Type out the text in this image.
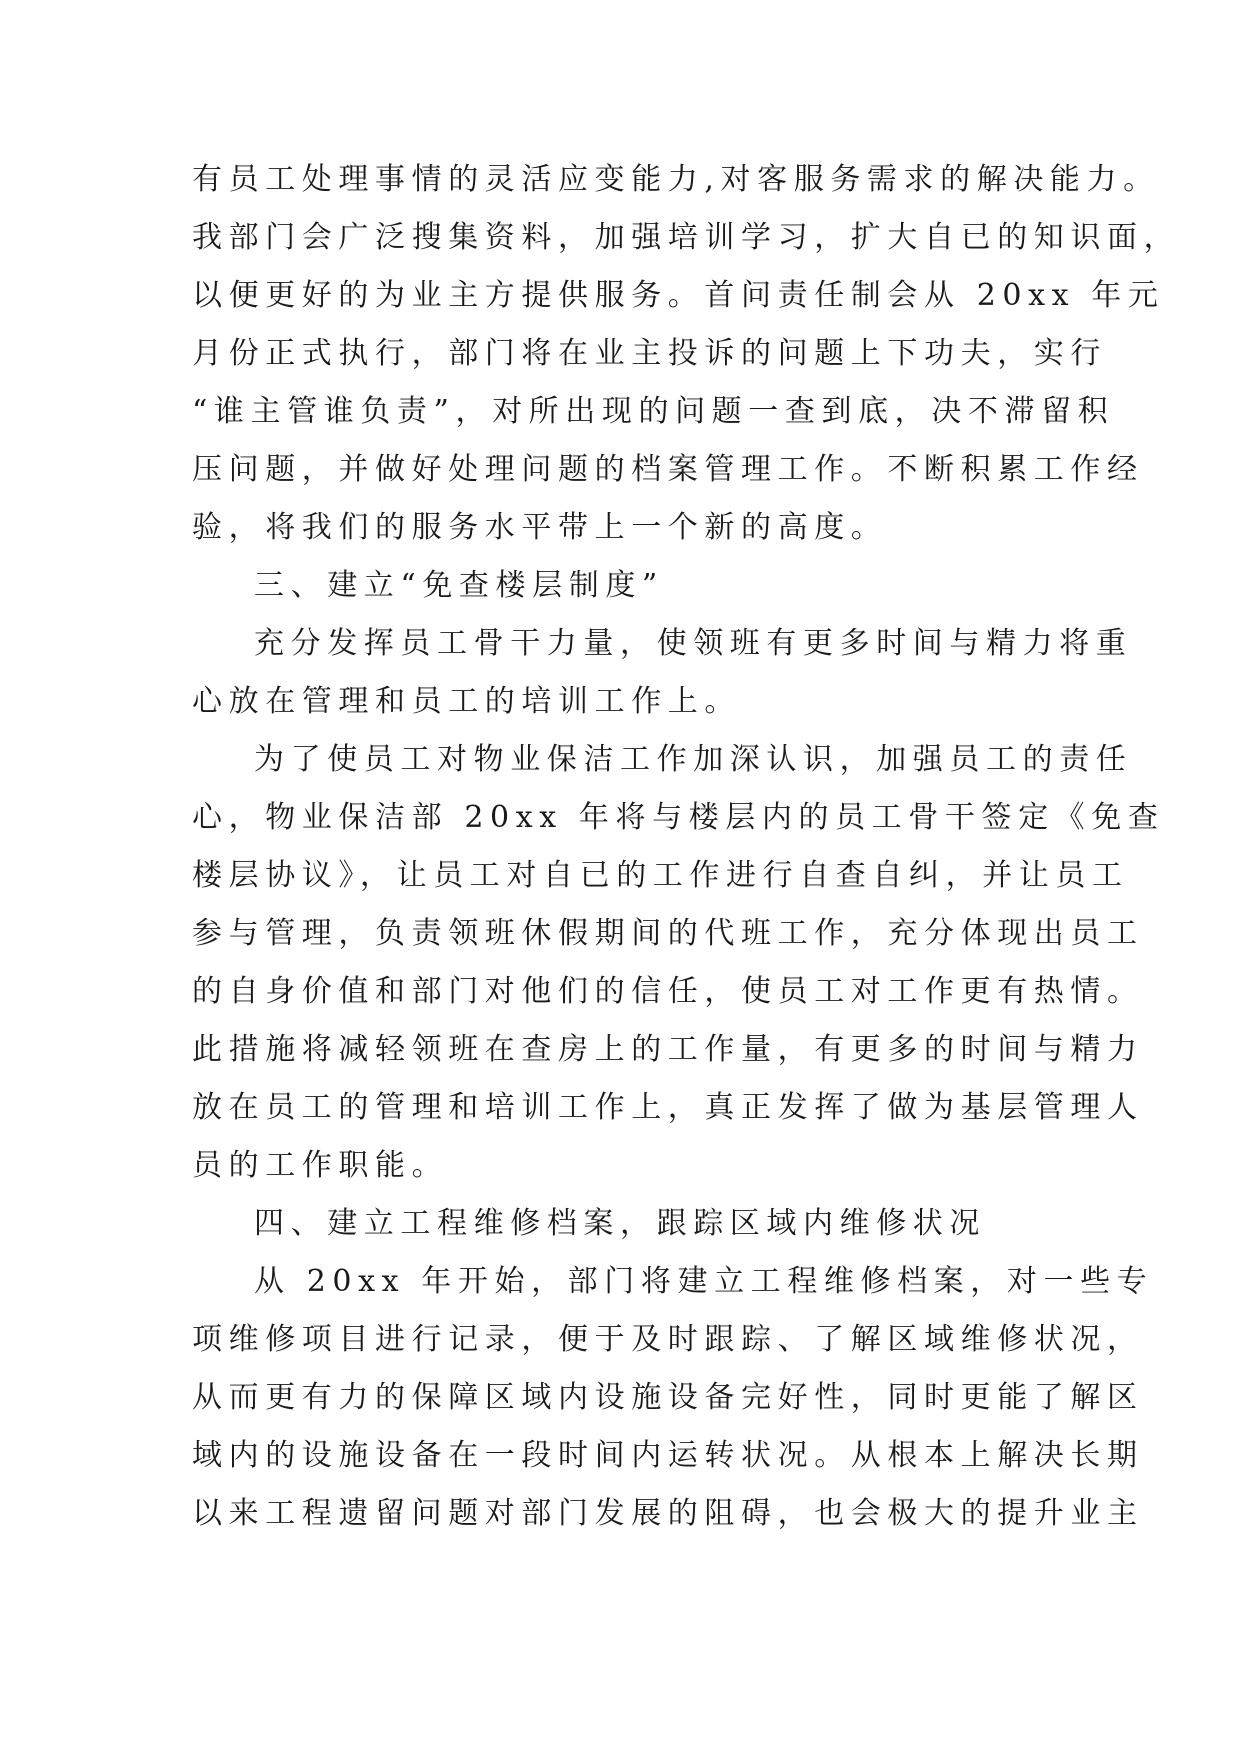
有员工处理事情的灵活应变能力,对客服务需求的解决能力。
我部门会广泛搜集资料，加强培训学习，扩大自已的知识面，
以便更好的为业主方提供服务。首问责任制会从 20xx 年元
月份正式执行，部门将在业主投诉的问题上下功夫，实行
“谁主管谁负责”，对所出现的问题一查到底，决不滞留积
压问题，并做好处理问题的档案管理工作。不断积累工作经
验，将我们的服务水平带上一个新的高度。
三、建立“免查楼层制度”
充分发挥员工骨干力量，使领班有更多时间与精力将重
心放在管理和员工的培训工作上。
为了使员工对物业保洁工作加深认识，加强员工的责任
心，物业保洁部 20xx 年将与楼层内的员工骨干签定《免查
楼层协议》，让员工对自已的工作进行自查自纠，并让员工
参与管理，负责领班休假期间的代班工作，充分体现出员工
的自身价值和部门对他们的信任，使员工对工作更有热情。
此措施将减轻领班在查房上的工作量，有更多的时间与精力
放在员工的管理和培训工作上，真正发挥了做为基层管理人
员的工作职能。
四、建立工程维修档案，跟踪区域内维修状况
从 20xx 年开始，部门将建立工程维修档案，对一些专
项维修项目进行记录，便于及时跟踪、了解区域维修状况，
从而更有力的保障区域内设施设备完好性，同时更能了解区
域内的设施设备在一段时间内运转状况。从根本上解决长期
以来工程遗留问题对部门发展的阻碍，也会极大的提升业主
